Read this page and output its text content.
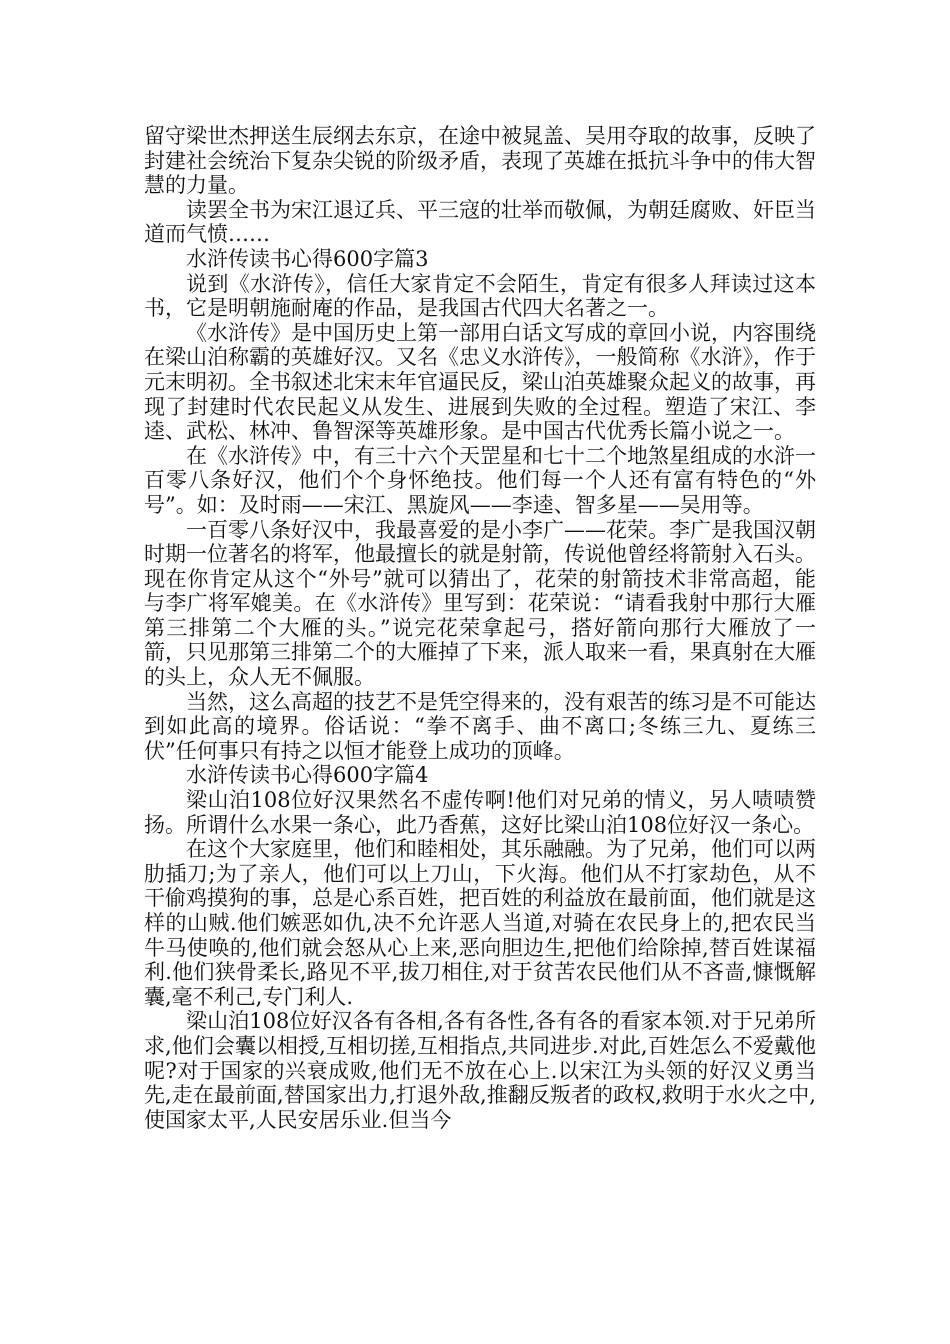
留守梁世杰押送生辰纲去东京，在途中被晁盖、吴用夺取的故事，反映了封建社会统治下复杂尖锐的阶级矛盾，表现了英雄在抵抗斗争中的伟大智慧的力量。

读罢全书为宋江退辽兵、平三寇的壮举而敬佩，为朝廷腐败、奸臣当道而气愤……

水浒传读书心得600字篇3

说到《水浒传》，信任大家肯定不会陌生，肯定有很多人拜读过这本书，它是明朝施耐庵的作品，是我国古代四大名著之一。

《水浒传》是中国历史上第一部用白话文写成的章回小说，内容围绕在梁山泊称霸的英雄好汉。又名《忠义水浒传》，一般简称《水浒》，作于元末明初。全书叙述北宋末年官逼民反，梁山泊英雄聚众起义的故事，再现了封建时代农民起义从发生、进展到失败的全过程。塑造了宋江、李逵、武松、林冲、鲁智深等英雄形象。是中国古代优秀长篇小说之一。

在《水浒传》中，有三十六个天罡星和七十二个地煞星组成的水浒一百零八条好汉，他们个个身怀绝技。他们每一个人还有富有特色的“外号”。如：及时雨——宋江、黑旋风——李逵、智多星——吴用等。

一百零八条好汉中，我最喜爱的是小李广——花荣。李广是我国汉朝时期一位著名的将军，他最擅长的就是射箭，传说他曾经将箭射入石头。现在你肯定从这个“外号”就可以猜出了，花荣的射箭技术非常高超，能与李广将军媲美。在《水浒传》里写到：花荣说：“请看我射中那行大雁第三排第二个大雁的头。”说完花荣拿起弓，搭好箭向那行大雁放了一箭，只见那第三排第二个的大雁掉了下来，派人取来一看，果真射在大雁的头上，众人无不佩服。

当然，这么高超的技艺不是凭空得来的，没有艰苦的练习是不可能达到如此高的境界。俗话说：“拳不离手、曲不离口;冬练三九、夏练三伏”任何事只有持之以恒才能登上成功的顶峰。

水浒传读书心得600字篇4

梁山泊108位好汉果然名不虚传啊!他们对兄弟的情义，另人啧啧赞扬。所谓什么水果一条心，此乃香蕉，这好比梁山泊108位好汉一条心。

在这个大家庭里，他们和睦相处，其乐融融。为了兄弟，他们可以两肋插刀;为了亲人，他们可以上刀山，下火海。他们从不打家劫色，从不干偷鸡摸狗的事，总是心系百姓，把百姓的利益放在最前面，他们就是这样的山贼.他们嫉恶如仇,决不允许恶人当道,对骑在农民身上的,把农民当牛马使唤的,他们就会怒从心上来,恶向胆边生,把他们给除掉,替百姓谋福利.他们狭骨柔长,路见不平,拔刀相住,对于贫苦农民他们从不吝啬,慷慨解囊,毫不利己,专门利人.

梁山泊108位好汉各有各相,各有各性,各有各的看家本领.对于兄弟所求,他们会囊以相授,互相切搓,互相指点,共同进步.对此,百姓怎么不爱戴他呢?对于国家的兴衰成败,他们无不放在心上.以宋江为头领的好汉义勇当先,走在最前面,替国家出力,打退外敌,推翻反叛者的政权,救明于水火之中,使国家太平,人民安居乐业.但当今
